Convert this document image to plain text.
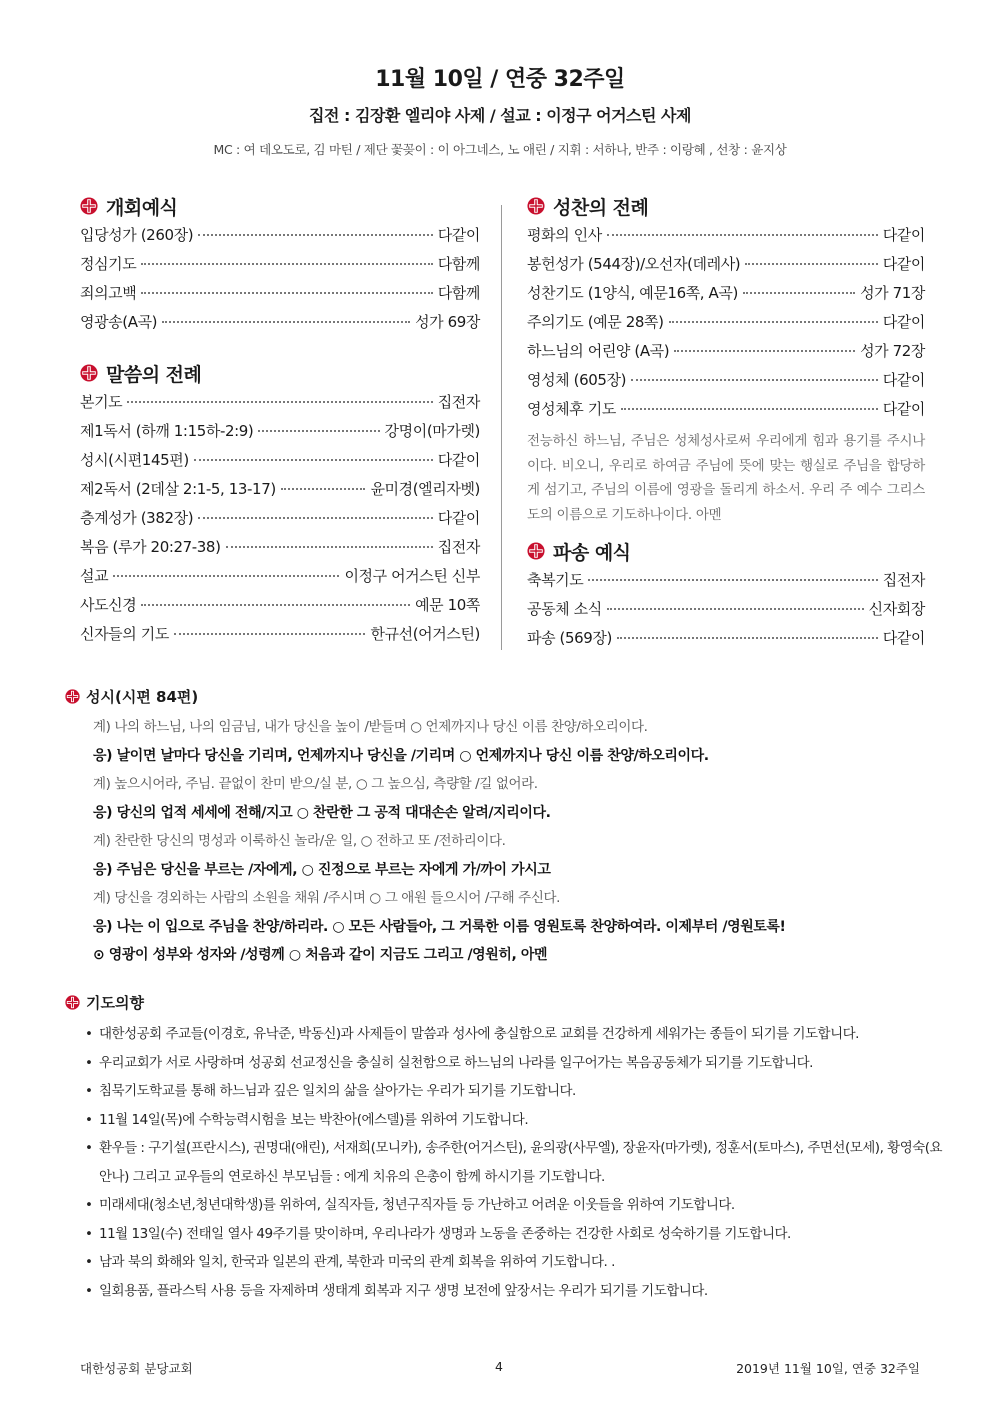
11월 10일 / 연중 32주일
집전 : 김장환 엘리야 사제 / 설교 : 이정구 어거스틴 사제
MC : 여 데오도로, 김 마틴 / 제단 꽃꽂이 : 이 아그네스, 노 애린 / 지휘 : 서하나, 반주 : 이랑혜 , 선창 : 윤지상
개회예식
입당성가 (260장)	다같이
정심기도	다함께
죄의고백	다함께
영광송(A곡)	성가 69장
말씀의 전례
본기도	집전자
제1독서 (하깨 1:15하-2:9)	강명이(마가렛)
성시(시편145편)	다같이
제2독서 (2데살 2:1-5, 13-17)	윤미경(엘리자벳)
층계성가 (382장)	다같이
복음 (루가 20:27-38)	집전자
설교	이정구 어거스틴 신부
사도신경	예문 10쪽
신자들의 기도	한규선(어거스틴)
성찬의 전례
평화의 인사	다같이
봉헌성가 (544장)/오선자(데레사)	다같이
성찬기도 (1양식, 예문16쪽, A곡)	성가 71장
주의기도 (예문 28쪽)	다같이
하느님의 어린양 (A곡)	성가 72장
영성체 (605장)	다같이
영성체후 기도	다같이
전능하신 하느님, 주님은 성체성사로써 우리에게 힘과 용기를 주시나이다. 비오니, 우리로 하여금 주님에 뜻에 맞는 행실로 주님을 합당하게 섬기고, 주님의 이름에 영광을 돌리게 하소서. 우리 주 예수 그리스도의 이름으로 기도하나이다. 아멘
파송 예식
축복기도	집전자
공동체 소식	신자회장
파송 (569장)	다같이
성시(시편 84편)
계) 나의 하느님, 나의 임금님, 내가 당신을 높이 /받들며 ○ 언제까지나 당신 이름 찬양/하오리이다.
응) 날이면 날마다 당신을 기리며, 언제까지나 당신을 /기리며 ○ 언제까지나 당신 이름 찬양/하오리이다.
계) 높으시어라, 주님. 끝없이 찬미 받으/실 분, ○ 그 높으심, 측량할 /길 없어라.
응) 당신의 업적 세세에 전해/지고 ○ 찬란한 그 공적 대대손손 알려/지리이다.
계) 찬란한 당신의 명성과 이룩하신 놀라/운 일, ○ 전하고 또 /전하리이다.
응) 주님은 당신을 부르는 /자에게, ○ 진정으로 부르는 자에게 가/까이 가시고
계) 당신을 경외하는 사람의 소원을 채워 /주시며 ○ 그 애원 들으시어 /구해 주신다.
응) 나는 이 입으로 주님을 찬양/하리라. ○ 모든 사람들아, 그 거룩한 이름 영원토록 찬양하여라. 이제부터 /영원토록!
⊙ 영광이 성부와 성자와 /성령께 ○ 처음과 같이 지금도 그리고 /영원히, 아멘
기도의향
• 대한성공회 주교들(이경호, 유낙준, 박동신)과 사제들이 말씀과 성사에 충실함으로 교회를 건강하게 세워가는 종들이 되기를 기도합니다.
• 우리교회가 서로 사랑하며 성공회 선교정신을 충실히 실천함으로 하느님의 나라를 일구어가는 복음공동체가 되기를 기도합니다.
• 침묵기도학교를 통해 하느님과 깊은 일치의 삶을 살아가는 우리가 되기를 기도합니다.
• 11월 14일(목)에 수학능력시험을 보는 박찬아(에스델)를 위하여 기도합니다.
• 환우들 : 구기설(프란시스), 권명대(애린), 서재희(모니카), 송주한(어거스틴), 윤의광(사무엘), 장윤자(마가렛), 정훈서(토마스), 주면선(모세), 황영숙(요안나) 그리고 교우들의 연로하신 부모님들 : 에게 치유의 은총이 함께 하시기를 기도합니다.
• 미래세대(청소년,청년대학생)를 위하여, 실직자들, 청년구직자들 등 가난하고 어려운 이웃들을 위하여 기도합니다.
• 11월 13일(수) 전태일 열사 49주기를 맞이하며, 우리나라가 생명과 노동을 존중하는 건강한 사회로 성숙하기를 기도합니다.
• 남과 북의 화해와 일치, 한국과 일본의 관계, 북한과 미국의 관계 회복을 위하여 기도합니다. .
• 일회용품, 플라스틱 사용 등을 자제하며 생태계 회복과 지구 생명 보전에 앞장서는 우리가 되기를 기도합니다.
대한성공회 분당교회	4	2019년 11월 10일, 연중 32주일
